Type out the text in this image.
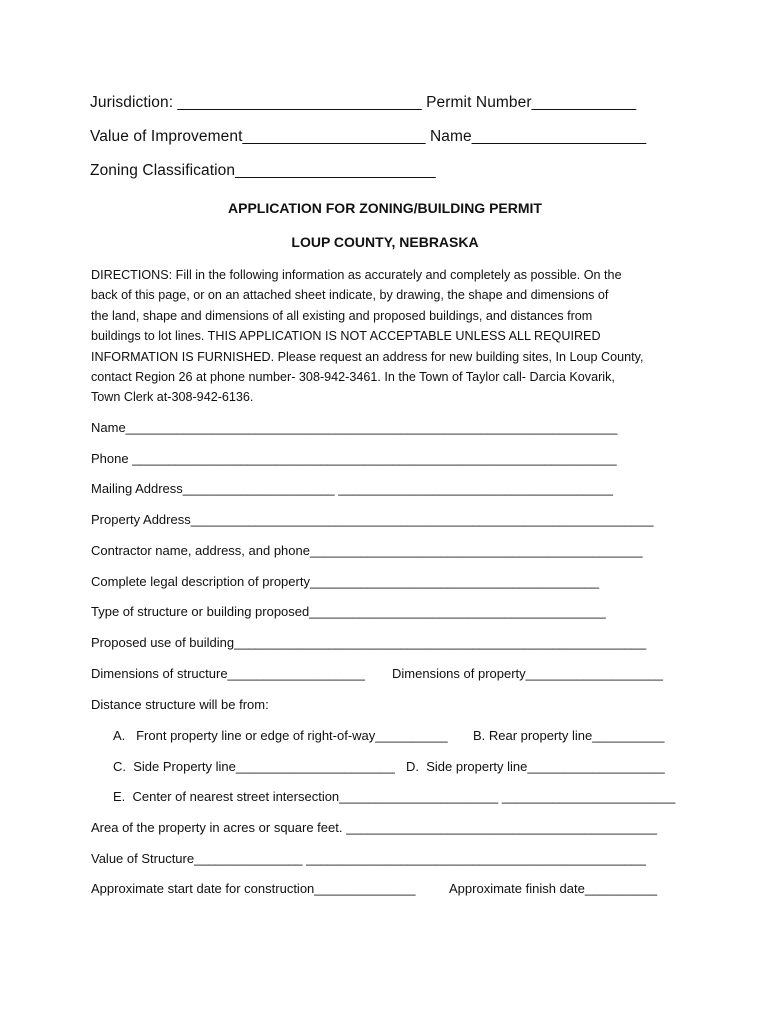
Jurisdiction: ____________________________ Permit Number____________
Value of Improvement_____________________ Name____________________
Zoning Classification_______________________
APPLICATION FOR ZONING/BUILDING PERMIT
LOUP COUNTY, NEBRASKA
DIRECTIONS: Fill in the following information as accurately and completely as possible. On the
back of this page, or on an attached sheet indicate, by drawing, the shape and dimensions of
the land, shape and dimensions of all existing and proposed buildings, and distances from
buildings to lot lines. THIS APPLICATION IS NOT ACCEPTABLE UNLESS ALL REQUIRED
INFORMATION IS FURNISHED. Please request an address for new building sites, In Loup County,
contact Region 26 at phone number- 308-942-3461. In the Town of Taylor call- Darcia Kovarik,
Town Clerk at-308-942-6136.
Name____________________________________________________________________
Phone ___________________________________________________________________
Mailing Address_____________________ ______________________________________
Property Address________________________________________________________________
Contractor name, address, and phone______________________________________________
Complete legal description of property________________________________________
Type of structure or building proposed_________________________________________
Proposed use of building_________________________________________________________
Dimensions of structure___________________ Dimensions of property___________________
Distance structure will be from:
A.   Front property line or edge of right-of-way__________ B. Rear property line__________
C.  Side Property line______________________ D.  Side property line___________________
E.  Center of nearest street intersection______________________ ________________________
Area of the property in acres or square feet. ___________________________________________
Value of Structure_______________ _______________________________________________
Approximate start date for construction______________	Approximate finish date__________
